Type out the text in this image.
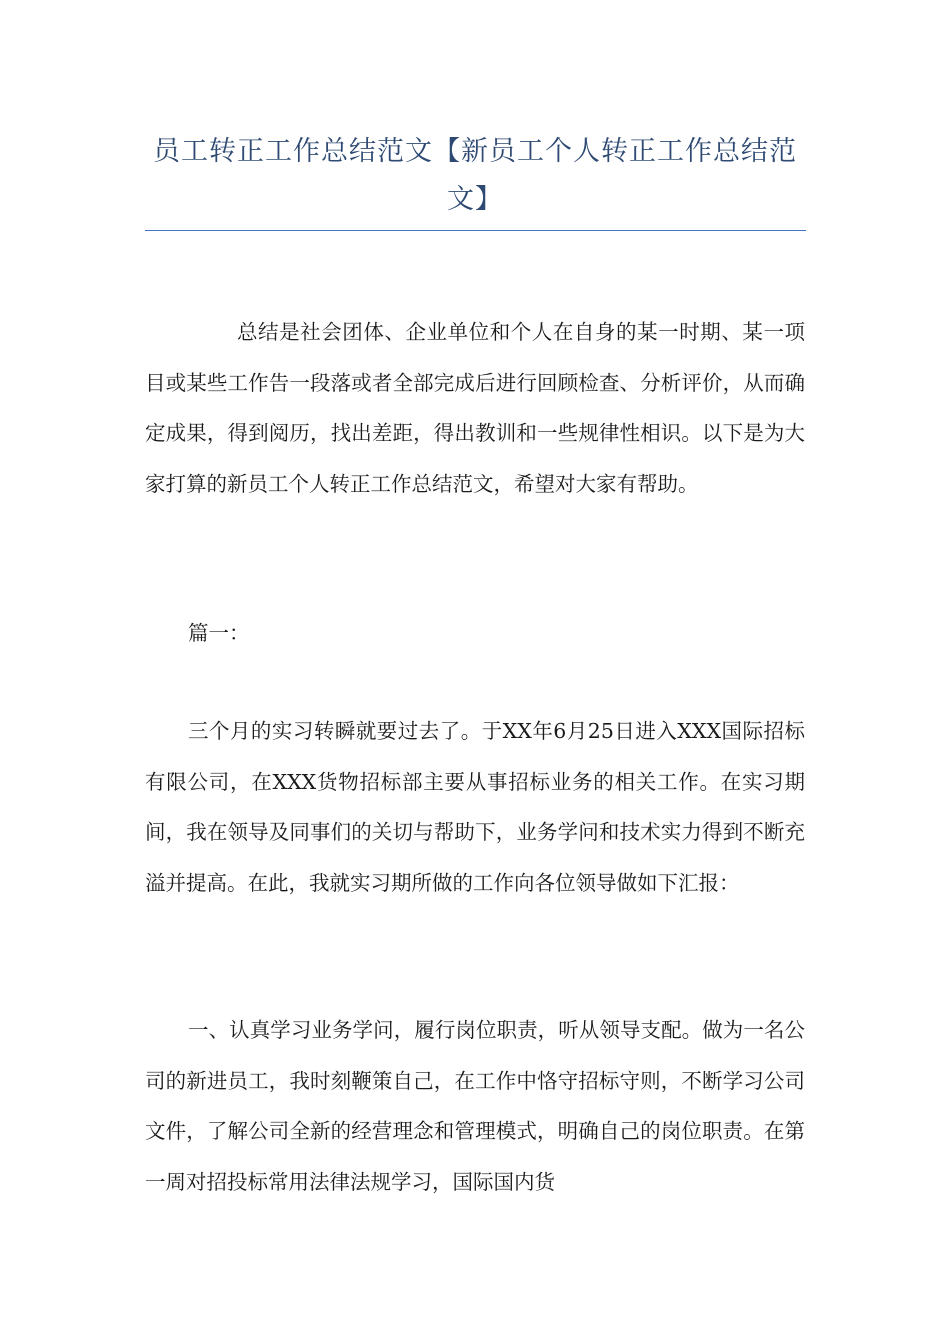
员工转正工作总结范文【新员工个人转正工作总结范文】

总结是社会团体、企业单位和个人在自身的某一时期、某一项目或某些工作告一段落或者全部完成后进行回顾检查、分析评价，从而确定成果，得到阅历，找出差距，得出教训和一些规律性相识。以下是为大家打算的新员工个人转正工作总结范文，希望对大家有帮助。

篇一：

三个月的实习转瞬就要过去了。于XX年6月25日进入XXX国际招标有限公司，在XXX货物招标部主要从事招标业务的相关工作。在实习期间，我在领导及同事们的关切与帮助下，业务学问和技术实力得到不断充溢并提高。在此，我就实习期所做的工作向各位领导做如下汇报：

一、认真学习业务学问，履行岗位职责，听从领导支配。做为一名公司的新进员工，我时刻鞭策自己，在工作中恪守招标守则，不断学习公司文件，了解公司全新的经营理念和管理模式，明确自己的岗位职责。在第一周对招投标常用法律法规学习，国际国内货
